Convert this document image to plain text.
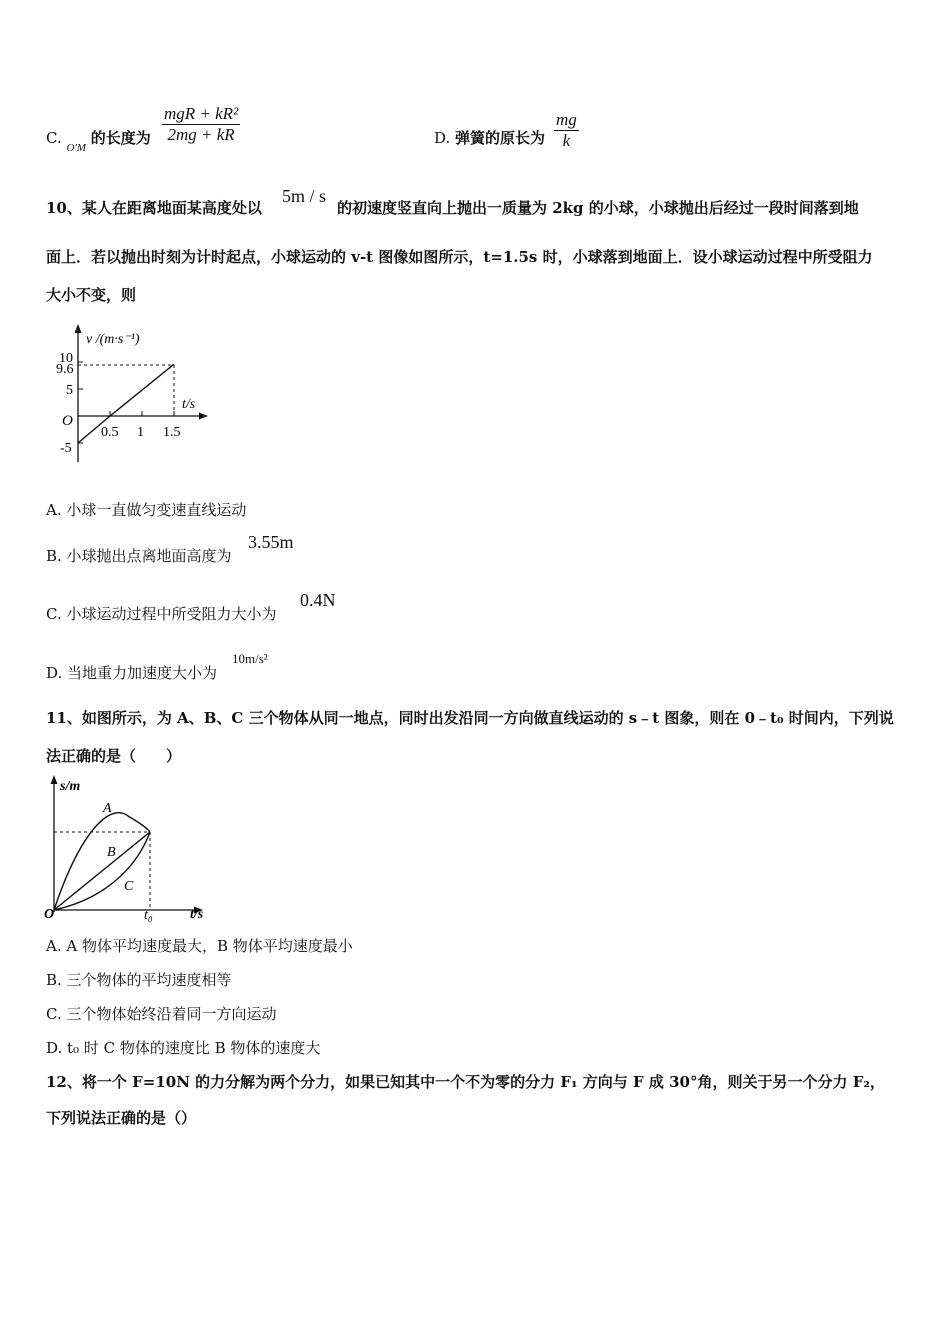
C. $_{O'M}$ 的长度为
mgR + kR²
2mg + kR	D. 弹簧的原长为 $\frac{mg}{k}$
10、某人在距离地面某高度处以
5m / s
的初速度竖直向上抛出一质量为 2kg 的小球，小球抛出后经过一段时间落到地
面上．若以抛出时刻为计时起点，小球运动的 v-t 图像如图所示，t=1.5s 时，小球落到地面上．设小球运动过程中所受阻力
大小不变，则
v /(m·s⁻¹)
t/s
O
10
9.6
5
-5
0.5 1 1.5
A. 小球一直做匀变速直线运动
B. 小球抛出点离地面高度为
3.55m
C. 小球运动过程中所受阻力大小为
0.4N
D. 当地重力加速度大小为
10m/s²
11、如图所示，为 A、B、C 三个物体从同一地点，同时出发沿同一方向做直线运动的 s﹣t 图象，则在 0﹣t₀ 时间内，下列说
法正确的是（　　）
s/m
t/s
O	t₀
A
B
C
A. A 物体平均速度最大，B 物体平均速度最小
B. 三个物体的平均速度相等
C. 三个物体始终沿着同一方向运动
D. t₀ 时 C 物体的速度比 B 物体的速度大
12、将一个 F=10N 的力分解为两个分力，如果已知其中一个不为零的分力 F₁ 方向与 F 成 30°角，则关于另一个分力 F₂，
下列说法正确的是（）
